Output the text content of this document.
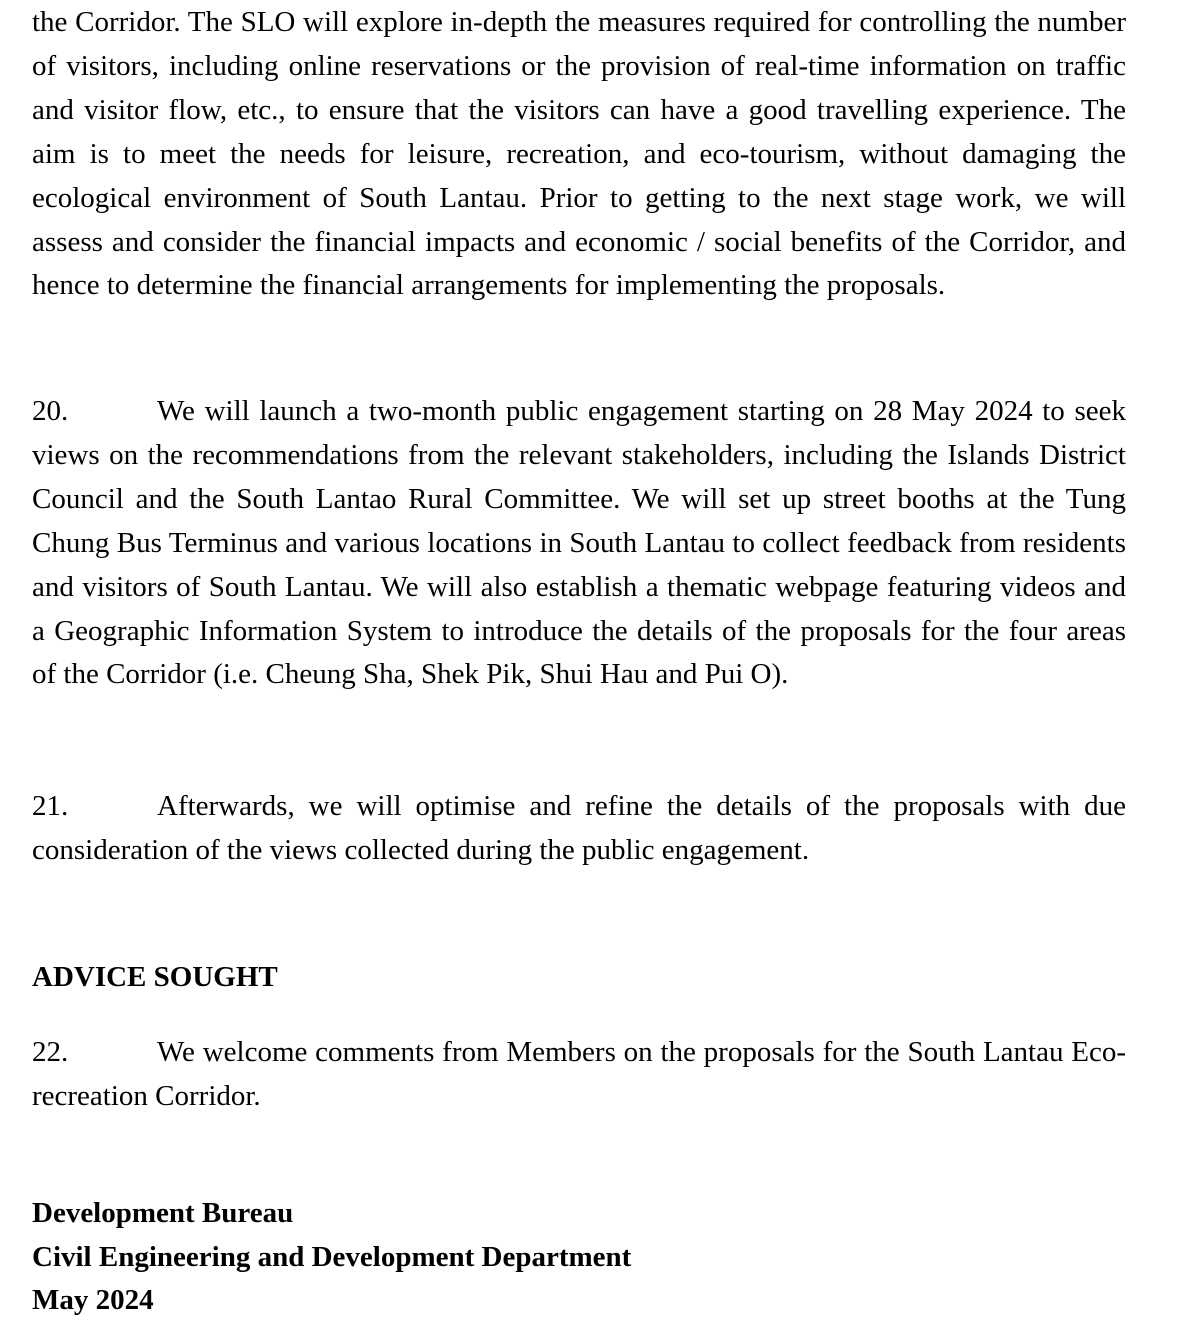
the Corridor. The SLO will explore in-depth the measures required for controlling the number of visitors, including online reservations or the provision of real-time information on traffic and visitor flow, etc., to ensure that the visitors can have a good travelling experience. The aim is to meet the needs for leisure, recreation, and eco-tourism, without damaging the ecological environment of South Lantau. Prior to getting to the next stage work, we will assess and consider the financial impacts and economic / social benefits of the Corridor, and hence to determine the financial arrangements for implementing the proposals.

20.	We will launch a two-month public engagement starting on 28 May 2024 to seek views on the recommendations from the relevant stakeholders, including the Islands District Council and the South Lantao Rural Committee. We will set up street booths at the Tung Chung Bus Terminus and various locations in South Lantau to collect feedback from residents and visitors of South Lantau. We will also establish a thematic webpage featuring videos and a Geographic Information System to introduce the details of the proposals for the four areas of the Corridor (i.e. Cheung Sha, Shek Pik, Shui Hau and Pui O).

21.	Afterwards, we will optimise and refine the details of the proposals with due consideration of the views collected during the public engagement.

ADVICE SOUGHT

22.	We welcome comments from Members on the proposals for the South Lantau Eco-recreation Corridor.

Development Bureau
Civil Engineering and Development Department
May 2024
